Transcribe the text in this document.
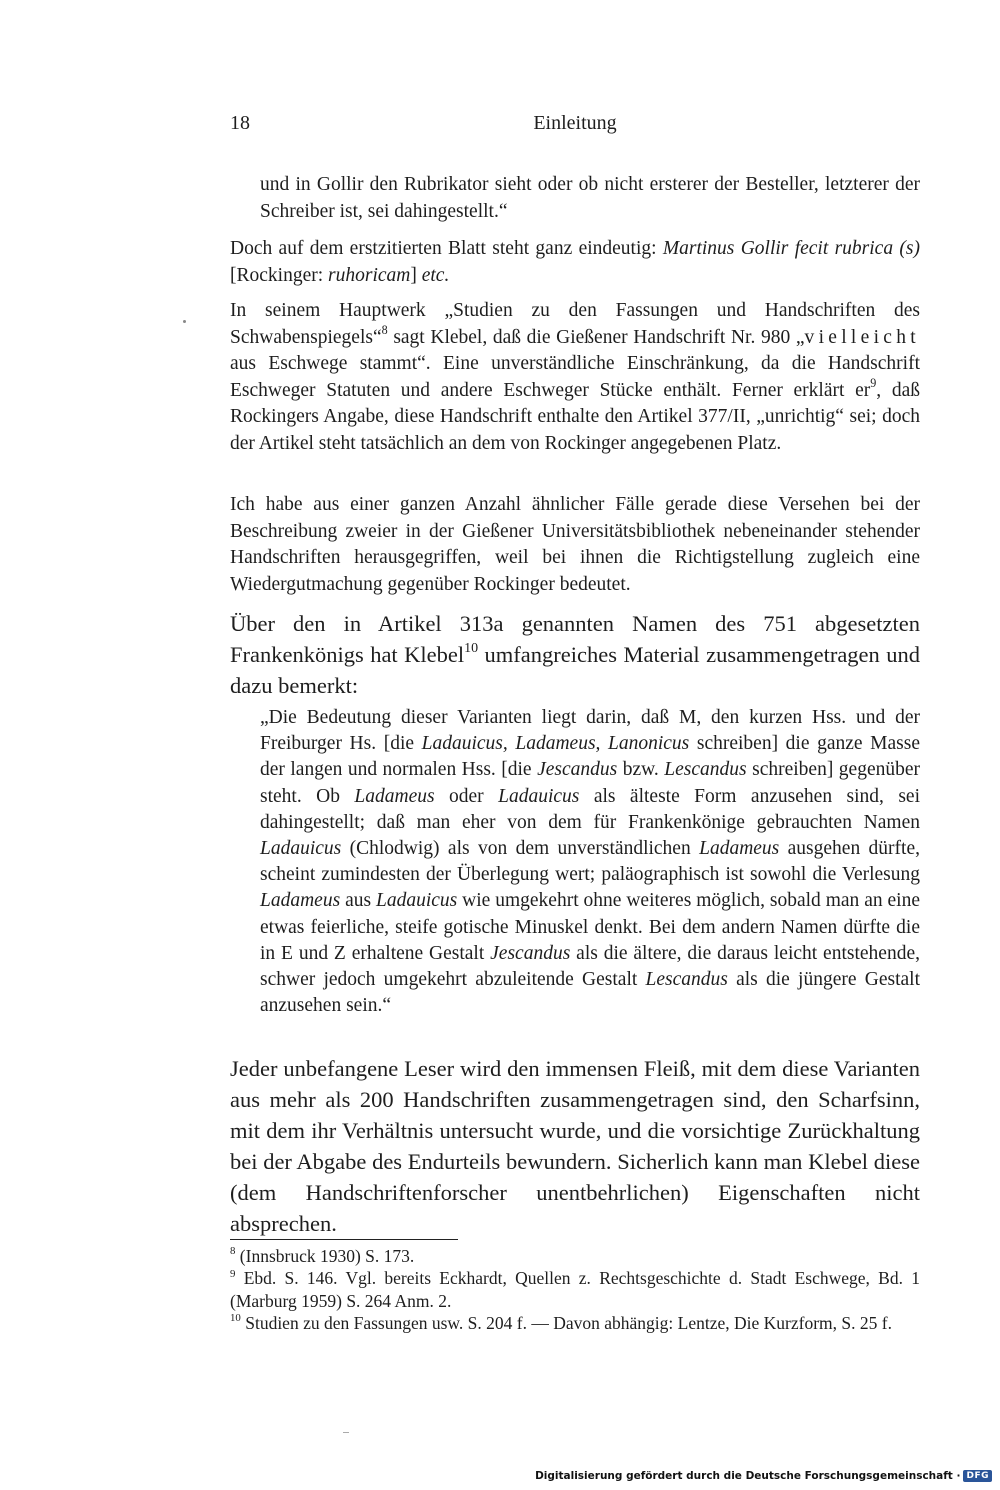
18	Einleitung

und in Gollir den Rubrikator sieht oder ob nicht ersterer der Besteller, letzterer der Schreiber ist, sei dahingestellt.“

Doch auf dem erstzitierten Blatt steht ganz eindeutig: Martinus Gollir fecit rubrica (s) [Rockinger: ruhoricam] etc.

In seinem Hauptwerk „Studien zu den Fassungen und Handschriften des Schwabenspiegels“$^8$ sagt Klebel, daß die Gießener Handschrift Nr. 980 „vielleicht aus Eschwege stammt“. Eine unverständliche Einschränkung, da die Handschrift Eschweger Statuten und andere Eschweger Stücke enthält. Ferner erklärt $er^9$, daß Rockingers Angabe, diese Handschrift enthalte den Artikel 377/II, „unrichtig“ sei; doch der Artikel steht tatsächlich an dem von Rockinger angegebenen Platz.

Ich habe aus einer ganzen Anzahl ähnlicher Fälle gerade diese Versehen bei der Beschreibung zweier in der Gießener Universitätsbibliothek nebeneinander stehender Handschriften herausgegriffen, weil bei ihnen die Richtigstellung zugleich eine Wiedergutmachung gegenüber Rockinger bedeutet.

Über den in Artikel 313a genannten Namen des 751 abgesetzten Frankenkönigs hat Klebel$^{10}$ umfangreiches Material zusammengetragen und dazu bemerkt:

„Die Bedeutung dieser Varianten liegt darin, daß M, den kurzen Hss. und der Freiburger Hs. [die Ladauicus, Ladameus, Lanonicus schreiben] die ganze Masse der langen und normalen Hss. [die Jescandus bzw. Lescandus schreiben] gegenüber steht. Ob Ladameus oder Ladauicus als älteste Form anzusehen sind, sei dahingestellt; daß man eher von dem für Frankenkönige gebrauchten Namen Ladauicus (Chlodwig) als von dem unverständlichen Ladameus ausgehen dürfte, scheint zumindesten der Überlegung wert; paläographisch ist sowohl die Verlesung Ladameus aus Ladauicus wie umgekehrt ohne weiteres möglich, sobald man an eine etwas feierliche, steife gotische Minuskel denkt. Bei dem andern Namen dürfte die in E und Z erhaltene Gestalt Jescandus als die ältere, die daraus leicht entstehende, schwer jedoch umgekehrt abzuleitende Gestalt Lescandus als die jüngere Gestalt anzusehen sein.“

Jeder unbefangene Leser wird den immensen Fleiß, mit dem diese Varianten aus mehr als 200 Handschriften zusammengetragen sind, den Scharfsinn, mit dem ihr Verhältnis untersucht wurde, und die vorsichtige Zurückhaltung bei der Abgabe des Endurteils bewundern. Sicherlich kann man Klebel diese (dem Handschriftenforscher unentbehrlichen) Eigenschaften nicht absprechen.

$^8$ (Innsbruck 1930) S. 173.

$^9$ Ebd. S. 146. Vgl. bereits Eckhardt, Quellen z. Rechtsgeschichte d. Stadt Eschwege, Bd. 1 (Marburg 1959) S. 264 Anm. 2.

$^{10}$ Studien zu den Fassungen usw. S. 204 f. — Davon abhängig: Lentze, Die Kurzform, S. 25 f.

Digitalisierung gefördert durch die Deutsche Forschungsgemeinschaft · DFG
